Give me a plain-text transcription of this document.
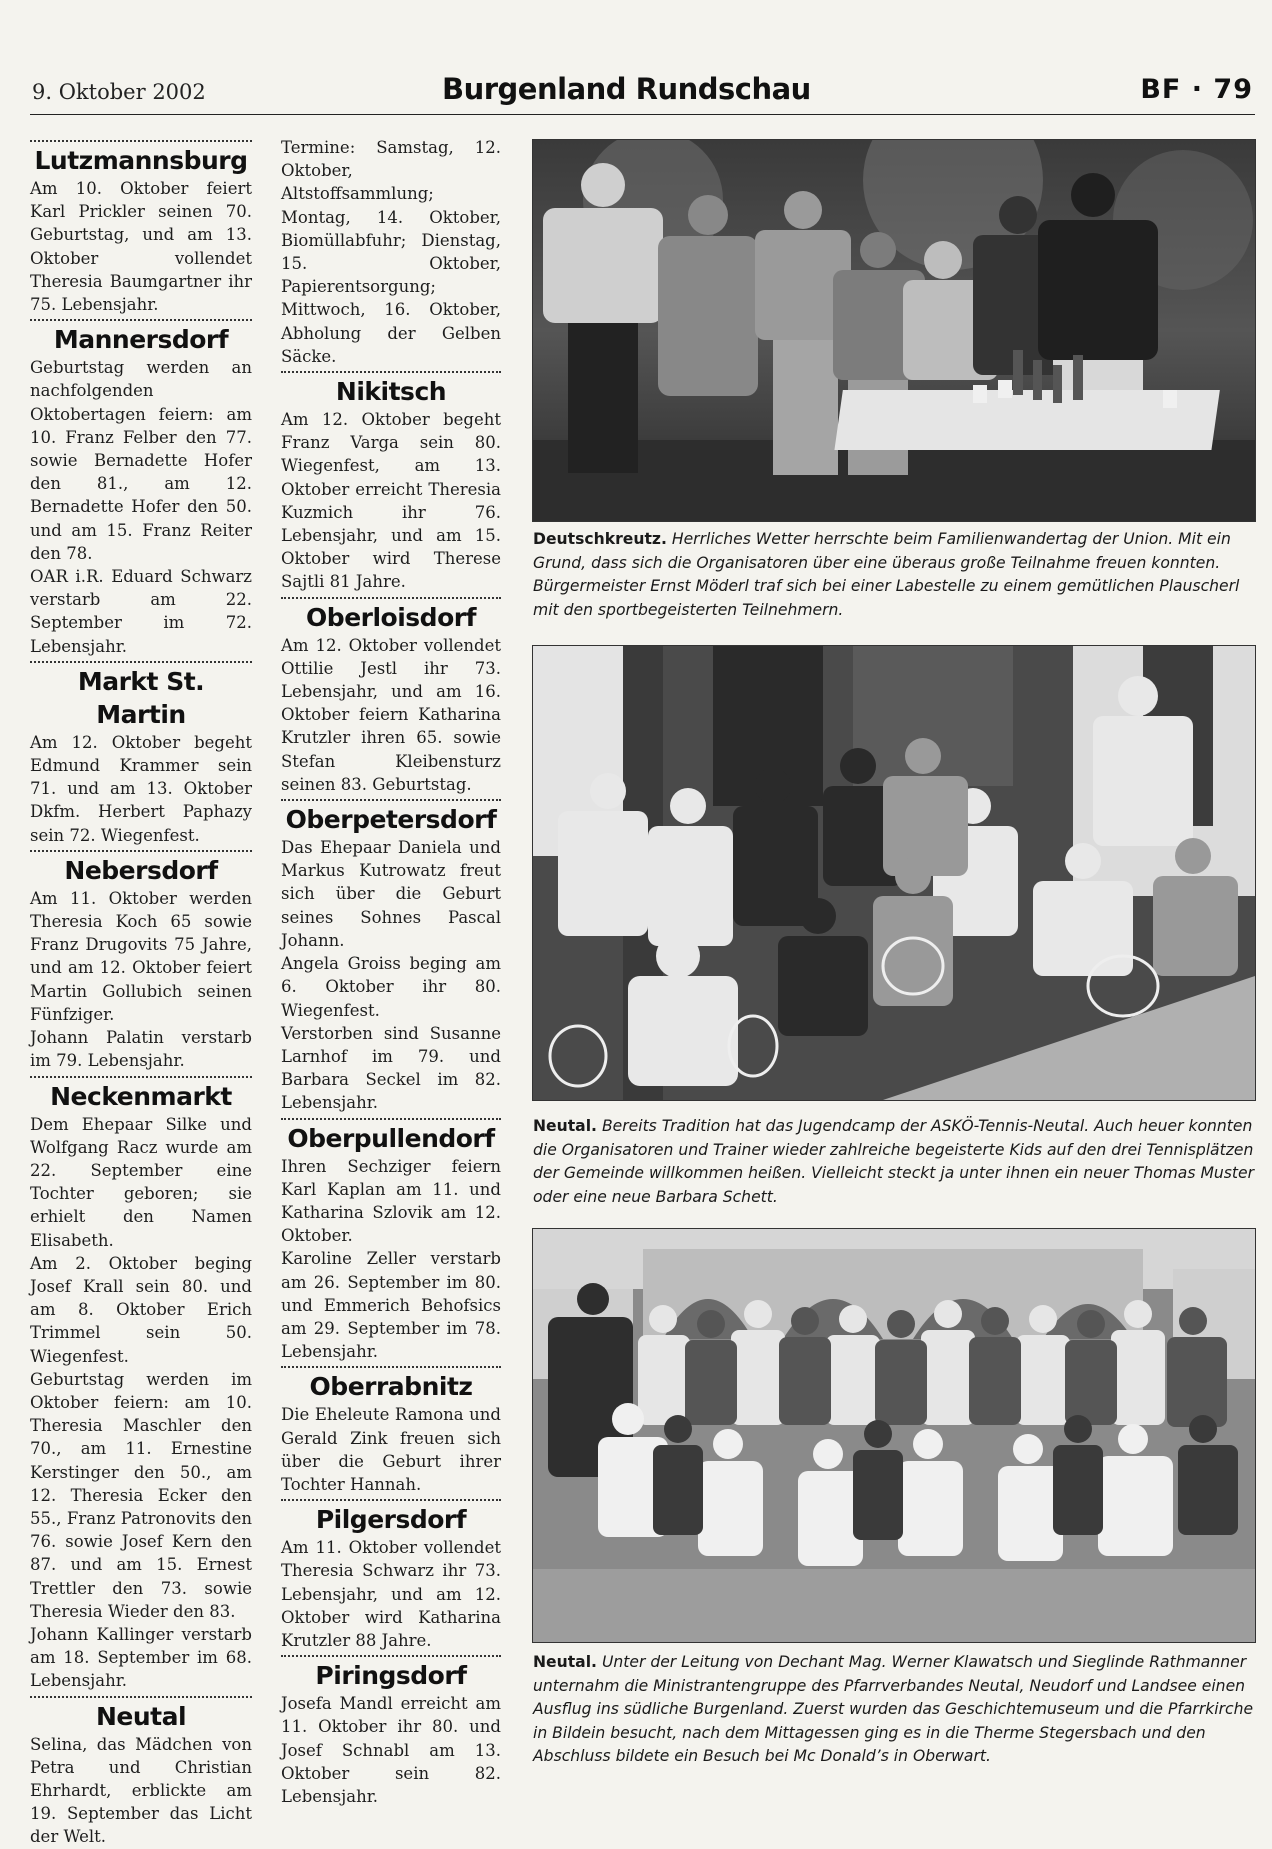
9. Oktober 2002	Burgenland Rundschau	BF · 79
Lutzmannsburg

Am 10. Oktober feiert Karl Prickler seinen 70. Geburtstag, und am 13. Oktober vollendet Theresia Baumgartner ihr 75. Lebensjahr.

Mannersdorf

Geburtstag werden an nachfolgenden Oktobertagen feiern: am 10. Franz Felber den 77. sowie Bernadette Hofer den 81., am 12. Bernadette Hofer den 50. und am 15. Franz Reiter den 78.

OAR i.R. Eduard Schwarz verstarb am 22. September im 72. Lebensjahr.

Markt St. Martin

Am 12. Oktober begeht Edmund Krammer sein 71. und am 13. Oktober Dkfm. Herbert Paphazy sein 72. Wiegenfest.

Nebersdorf

Am 11. Oktober werden Theresia Koch 65 sowie Franz Drugovits 75 Jahre, und am 12. Oktober feiert Martin Gollubich seinen Fünfziger.

Johann Palatin verstarb im 79. Lebensjahr.

Neckenmarkt

Dem Ehepaar Silke und Wolfgang Racz wurde am 22. September eine Tochter geboren; sie erhielt den Namen Elisabeth.

Am 2. Oktober beging Josef Krall sein 80. und am 8. Oktober Erich Trimmel sein 50. Wiegenfest.

Geburtstag werden im Oktober feiern: am 10. Theresia Maschler den 70., am 11. Ernestine Kerstinger den 50., am 12. Theresia Ecker den 55., Franz Patronovits den 76. sowie Josef Kern den 87. und am 15. Ernest Trettler den 73. sowie Theresia Wieder den 83.

Johann Kallinger verstarb am 18. September im 68. Lebensjahr.

Neutal

Selina, das Mädchen von Petra und Christian Ehrhardt, erblickte am 19. September das Licht der Welt.

Termine: Samstag, 12. Oktober, Altstoffsammlung; Montag, 14. Oktober, Biomüllabfuhr; Dienstag, 15. Oktober, Papierentsorgung; Mittwoch, 16. Oktober, Abholung der Gelben Säcke.

Nikitsch

Am 12. Oktober begeht Franz Varga sein 80. Wiegenfest, am 13. Oktober erreicht Theresia Kuzmich ihr 76. Lebensjahr, und am 15. Oktober wird Therese Sajtli 81 Jahre.

Oberloisdorf

Am 12. Oktober vollendet Ottilie Jestl ihr 73. Lebensjahr, und am 16. Oktober feiern Katharina Krutzler ihren 65. sowie Stefan Kleibensturz seinen 83. Geburtstag.

Oberpetersdorf

Das Ehepaar Daniela und Markus Kutrowatz freut sich über die Geburt seines Sohnes Pascal Johann.

Angela Groiss beging am 6. Oktober ihr 80. Wiegenfest.

Verstorben sind Susanne Larnhof im 79. und Barbara Seckel im 82. Lebensjahr.

Oberpullendorf

Ihren Sechziger feiern Karl Kaplan am 11. und Katharina Szlovik am 12. Oktober.

Karoline Zeller verstarb am 26. September im 80. und Emmerich Behofsics am 29. September im 78. Lebensjahr.

Oberrabnitz

Die Eheleute Ramona und Gerald Zink freuen sich über die Geburt ihrer Tochter Hannah.

Pilgersdorf

Am 11. Oktober vollendet Theresia Schwarz ihr 73. Lebensjahr, und am 12. Oktober wird Katharina Krutzler 88 Jahre.

Piringsdorf

Josefa Mandl erreicht am 11. Oktober ihr 80. und Josef Schnabl am 13. Oktober sein 82. Lebensjahr.

Deutschkreutz. Herrliches Wetter herrschte beim Familienwandertag der Union. Mit ein Grund, dass sich die Organisatoren über eine überaus große Teilnahme freuen konnten. Bürgermeister Ernst Möderl traf sich bei einer Labestelle zu einem gemütlichen Plauscherl mit den sportbegeisterten Teilnehmern.
Neutal. Bereits Tradition hat das Jugendcamp der ASKÖ-Tennis-Neutal. Auch heuer konnten die Organisatoren und Trainer wieder zahlreiche begeisterte Kids auf den drei Tennisplätzen der Gemeinde willkommen heißen. Vielleicht steckt ja unter ihnen ein neuer Thomas Muster oder eine neue Barbara Schett.
Neutal. Unter der Leitung von Dechant Mag. Werner Klawatsch und Sieglinde Rathmanner unternahm die Ministrantengruppe des Pfarrverbandes Neutal, Neudorf und Landsee einen Ausflug ins südliche Burgenland. Zuerst wurden das Geschichtemuseum und die Pfarrkirche in Bildein besucht, nach dem Mittagessen ging es in die Therme Stegersbach und den Abschluss bildete ein Besuch bei Mc Donald’s in Oberwart.
